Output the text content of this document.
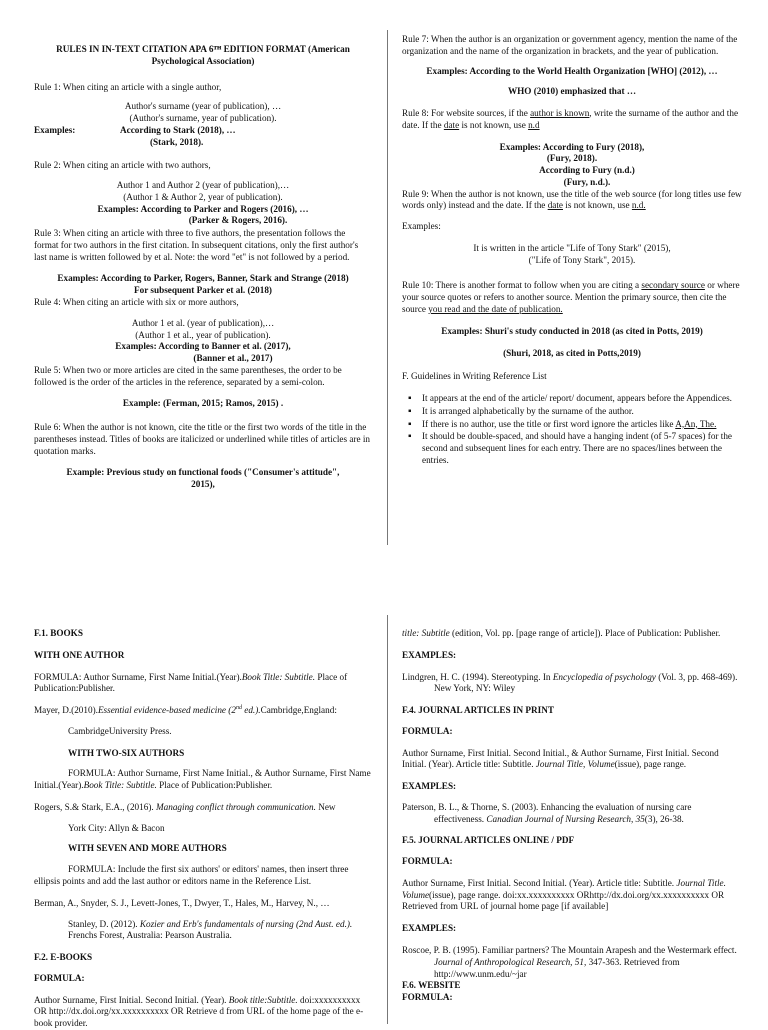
RULES IN IN-TEXT CITATION APA 6ᵀᴴ EDITION FORMAT (American Psychological Association)

Rule 1: When citing an article with a single author,

Author's surname (year of publication), …

(Author's surname, year of publication).

Examples:	According to Stark (2018), …

(Stark, 2018).

Rule 2: When citing an article with two authors,

Author 1 and Author 2 (year of publication),…

(Author 1 & Author 2, year of publication).

Examples: According to Parker and Rogers (2016), …

(Parker & Rogers, 2016).

Rule 3: When citing an article with three to five authors, the presentation follows the format for two authors in the first citation. In subsequent citations, only the first author's last name is written followed by et al. Note: the word "et" is not followed by a period.

Examples: According to Parker, Rogers, Banner, Stark and Strange (2018)

For subsequent Parker et al. (2018)

Rule 4: When citing an article with six or more authors,

Author 1 et al. (year of publication),…

(Author 1 et al., year of publication).

Examples: According to Banner et al. (2017),

(Banner et al., 2017)

Rule 5: When two or more articles are cited in the same parentheses, the order to be followed is the order of the articles in the reference, separated by a semi-colon.

Example: (Ferman, 2015; Ramos, 2015) .

Rule 6: When the author is not known, cite the title or the first two words of the title in the parentheses instead. Titles of books are italicized or underlined while titles of articles are in quotation marks.

Example: Previous study on functional foods ("Consumer's attitude", 2015),

Rule 7: When the author is an organization or government agency, mention the name of the organization and the name of the organization in brackets, and the year of publication.

Examples: According to the World Health Organization [WHO] (2012), …

WHO (2010) emphasized that …

Rule 8: For website sources, if the author is known, write the surname of the author and the date. If the date is not known, use n.d

Examples: According to Fury (2018),

(Fury, 2018).

According to Fury (n.d.)

(Fury, n.d.).

Rule 9: When the author is not known, use the title of the web source (for long titles use few words only) instead and the date. If the date is not known, use n.d.

Examples:

It is written in the article "Life of Tony Stark" (2015),

("Life of Tony Stark", 2015).

Rule 10: There is another format to follow when you are citing a secondary source or where your source quotes or refers to another source. Mention the primary source, then cite the source you read and the date of publication.

Examples: Shuri's study conducted in 2018 (as cited in Potts, 2019)

(Shuri, 2018, as cited in Potts,2019)

F. Guidelines in Writing Reference List

▪ It appears at the end of the article/ report/ document, appears before the Appendices.
▪ It is arranged alphabetically by the surname of the author.
▪ If there is no author, use the title or first word ignore the articles like A,An, The.
▪ It should be double-spaced, and should have a hanging indent (of 5-7 spaces) for the second and subsequent lines for each entry. There are no spaces/lines between the entries.

F.1. BOOKS

WITH ONE AUTHOR

FORMULA: Author Surname, First Name Initial.(Year).Book Title: Subtitle. Place of Publication:Publisher.

Mayer, D.(2010).Essential evidence-based medicine (2nd ed.).Cambridge,England:

CambridgeUniversity Press.

WITH TWO-SIX AUTHORS

FORMULA: Author Surname, First Name Initial., & Author Surname, First Name Initial.(Year).Book Title: Subtitle. Place of Publication:Publisher.

Rogers, S.& Stark, E.A., (2016). Managing conflict through communication. New

York City: Allyn & Bacon

WITH SEVEN AND MORE AUTHORS

FORMULA: Include the first six authors' or editors' names, then insert three ellipsis points and add the last author or editors name in the Reference List.

Berman, A., Snyder, S. J., Levett-Jones, T., Dwyer, T., Hales, M., Harvey, N., …

Stanley, D. (2012). Kozier and Erb's fundamentals of nursing (2nd Aust. ed.). Frenchs Forest, Australia: Pearson Australia.

F.2. E-BOOKS

FORMULA:

Author Surname, First Initial. Second Initial. (Year). Book title:Subtitle. doi:xxxxxxxxxx OR http://dx.doi.org/xx.xxxxxxxxxx OR Retrieve d from URL of the home page of the e-book provider.

title: Subtitle (edition, Vol. pp. [page range of article]). Place of Publication: Publisher.

EXAMPLES:

Lindgren, H. C. (1994). Stereotyping. In Encyclopedia of psychology (Vol. 3, pp. 468-469). New York, NY: Wiley

F.4. JOURNAL ARTICLES IN PRINT

FORMULA:

Author Surname, First Initial. Second Initial., & Author Surname, First Initial. Second Initial. (Year). Article title: Subtitle. Journal Title, Volume(issue), page range.

EXAMPLES:

Paterson, B. L., & Thorne, S. (2003). Enhancing the evaluation of nursing care effectiveness. Canadian Journal of Nursing Research, 35(3), 26-38.

F.5. JOURNAL ARTICLES ONLINE / PDF

FORMULA:

Author Surname, First Initial. Second Initial. (Year). Article title: Subtitle. Journal Title. Volume(issue), page range. doi:xx.xxxxxxxxxx ORhttp://dx.doi.org/xx.xxxxxxxxxx OR Retrieved from URL of journal home page [if available]

EXAMPLES:

Roscoe, P. B. (1995). Familiar partners? The Mountain Arapesh and the Westermark effect. Journal of Anthropological Research, 51, 347-363. Retrieved from http://www.unm.edu/~jar

F.6. WEBSITE

FORMULA:
